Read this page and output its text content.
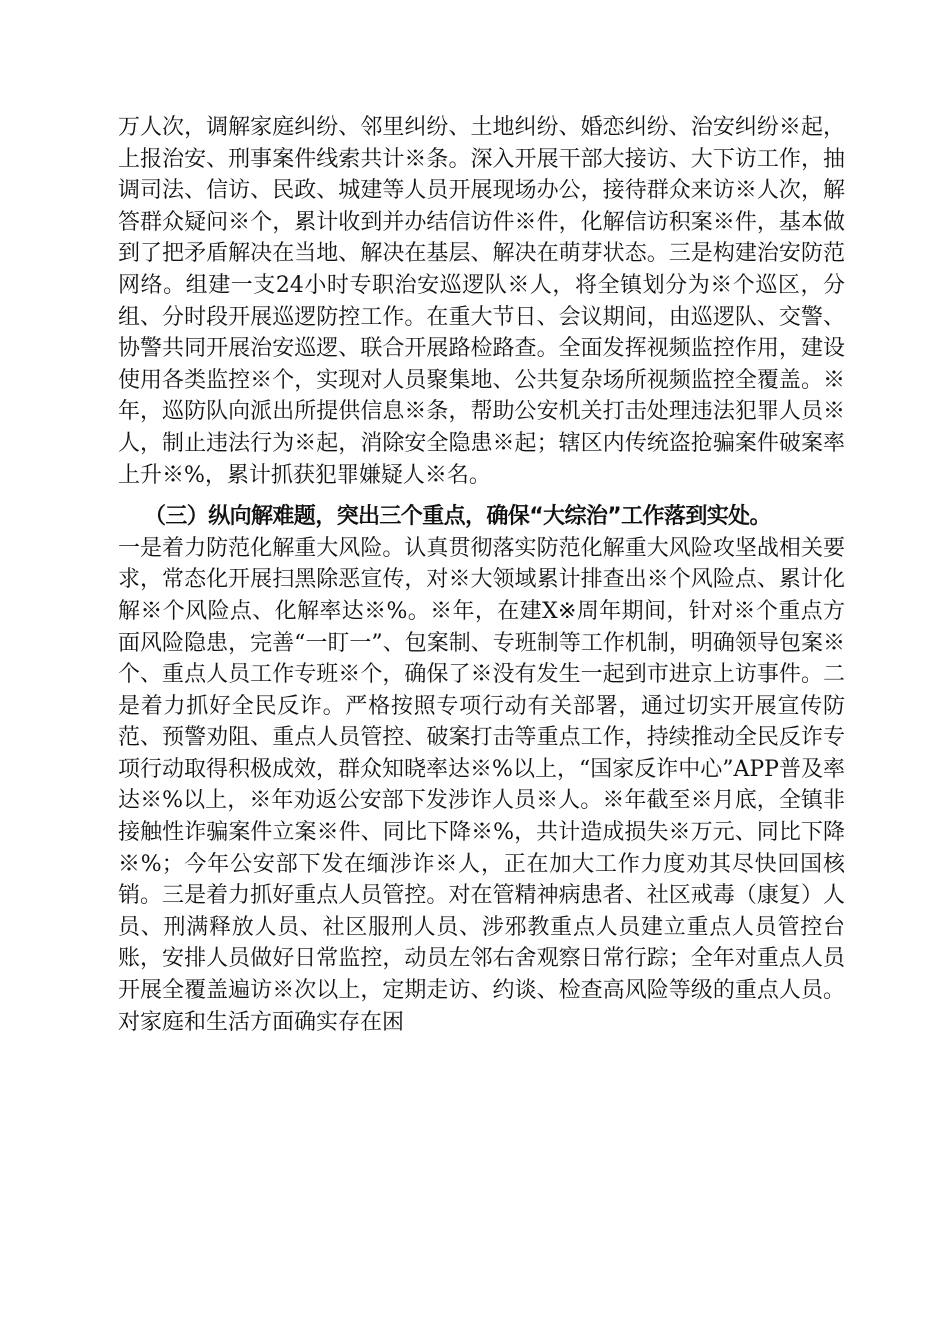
万人次，调解家庭纠纷、邻里纠纷、土地纠纷、婚恋纠纷、治安纠纷※起，上报治安、刑事案件线索共计※条。深入开展干部大接访、大下访工作，抽调司法、信访、民政、城建等人员开展现场办公，接待群众来访※人次，解答群众疑问※个，累计收到并办结信访件※件，化解信访积案※件，基本做到了把矛盾解决在当地、解决在基层、解决在萌芽状态。三是构建治安防范网络。组建一支24小时专职治安巡逻队※人，将全镇划分为※个巡区，分组、分时段开展巡逻防控工作。在重大节日、会议期间，由巡逻队、交警、协警共同开展治安巡逻、联合开展路检路查。全面发挥视频监控作用，建设使用各类监控※个，实现对人员聚集地、公共复杂场所视频监控全覆盖。※年，巡防队向派出所提供信息※条，帮助公安机关打击处理违法犯罪人员※人，制止违法行为※起，消除安全隐患※起；辖区内传统盗抢骗案件破案率上升※%，累计抓获犯罪嫌疑人※名。

（三）纵向解难题，突出三个重点，确保“大综治”工作落到实处。

一是着力防范化解重大风险。认真贯彻落实防范化解重大风险攻坚战相关要求，常态化开展扫黑除恶宣传，对※大领域累计排查出※个风险点、累计化解※个风险点、化解率达※%。※年，在建X※周年期间，针对※个重点方面风险隐患，完善“一盯一”、包案制、专班制等工作机制，明确领导包案※个、重点人员工作专班※个，确保了※没有发生一起到市进京上访事件。二是着力抓好全民反诈。严格按照专项行动有关部署，通过切实开展宣传防范、预警劝阻、重点人员管控、破案打击等重点工作，持续推动全民反诈专项行动取得积极成效，群众知晓率达※%以上，“国家反诈中心”APP普及率达※%以上，※年劝返公安部下发涉诈人员※人。※年截至※月底，全镇非接触性诈骗案件立案※件、同比下降※%，共计造成损失※万元、同比下降※%；今年公安部下发在缅涉诈※人，正在加大工作力度劝其尽快回国核销。三是着力抓好重点人员管控。对在管精神病患者、社区戒毒（康复）人员、刑满释放人员、社区服刑人员、涉邪教重点人员建立重点人员管控台账，安排人员做好日常监控，动员左邻右舍观察日常行踪；全年对重点人员开展全覆盖遍访※次以上，定期走访、约谈、检查高风险等级的重点人员。对家庭和生活方面确实存在困
